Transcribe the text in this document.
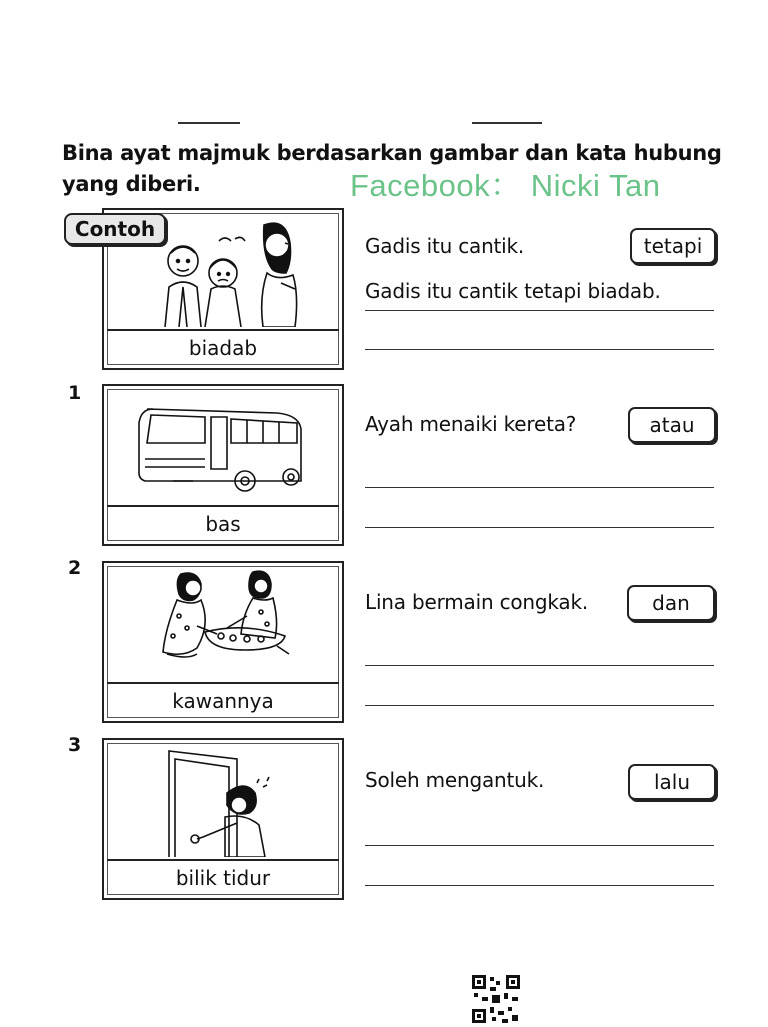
Bina ayat majmuk berdasarkan gambar dan kata hubung yang diberi.	Facebook： Nicki Tan
biadab
Contoh
Gadis itu cantik.	tetapi
Gadis itu cantik tetapi biadab.
1
bas
Ayah menaiki kereta?	atau
2
kawannya
Lina bermain congkak.	dan
3
bilik tidur
Soleh mengantuk.	lalu
